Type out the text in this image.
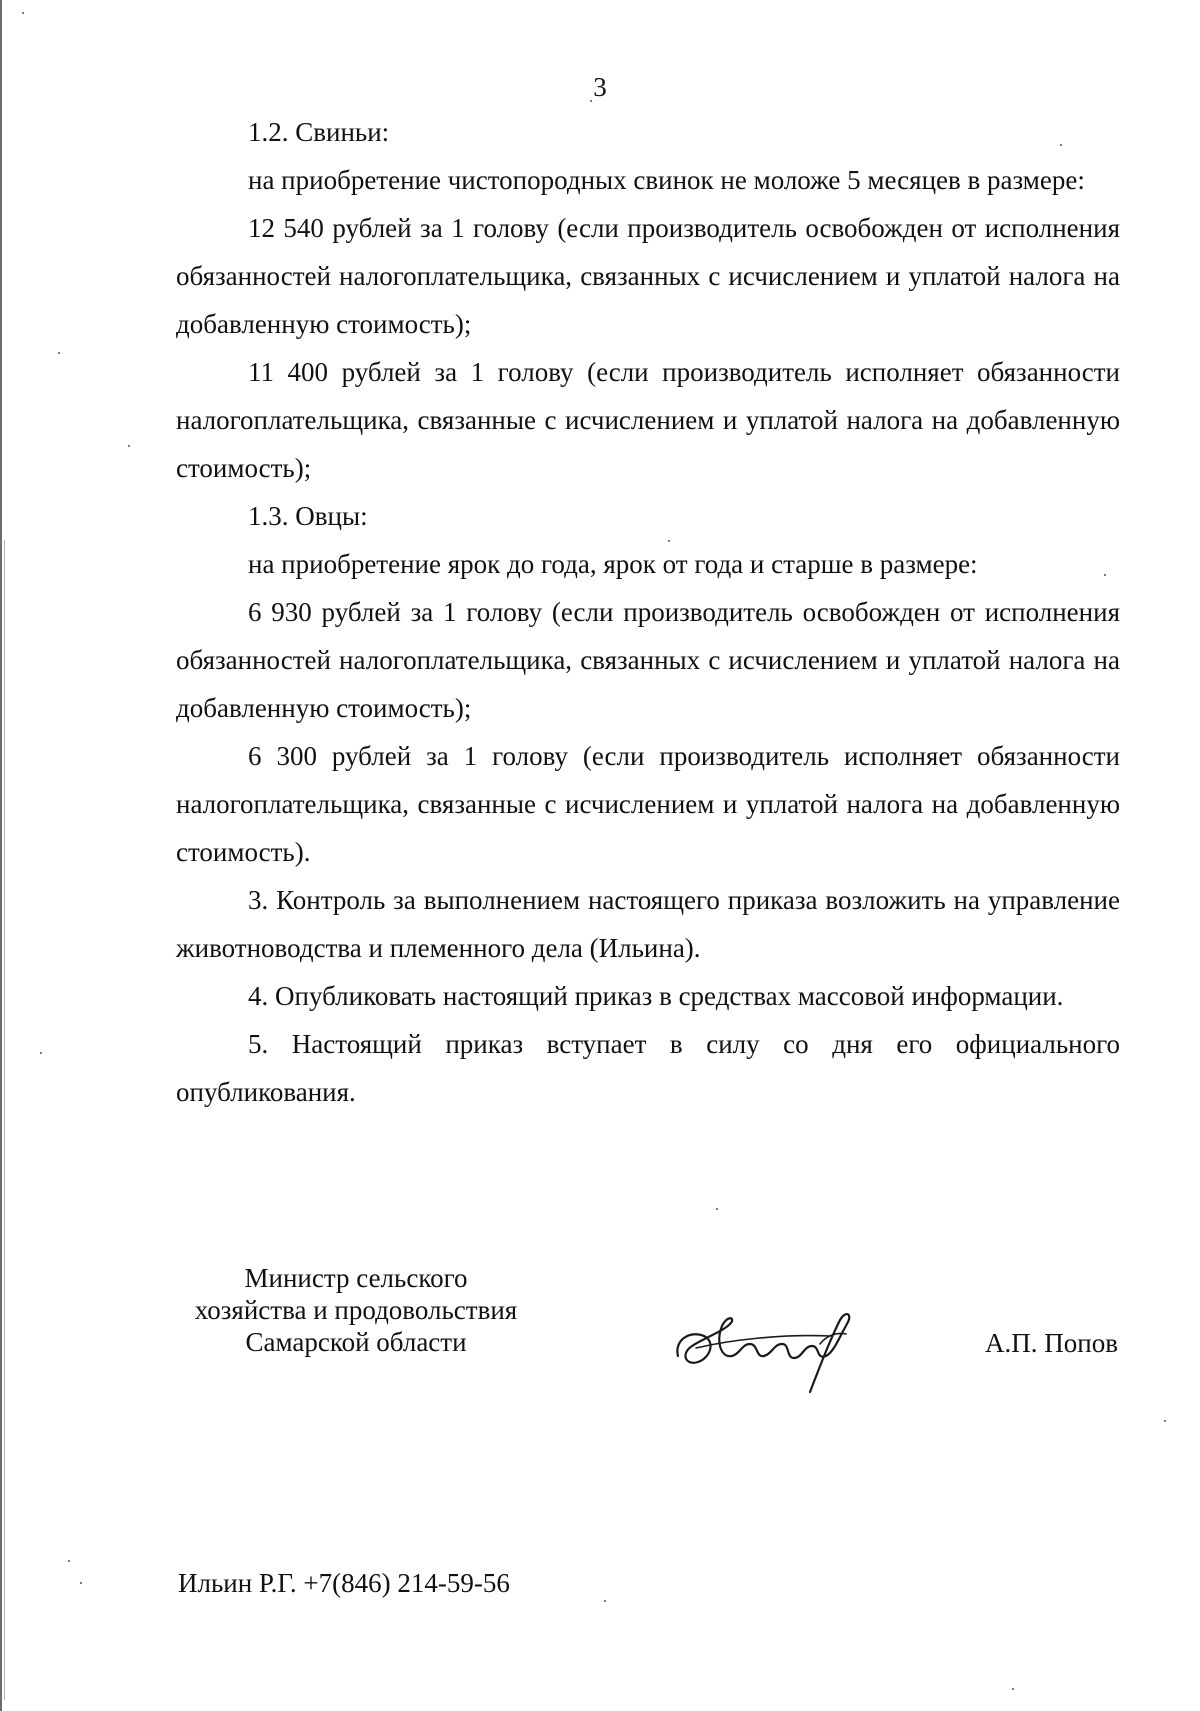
3

1.2. Свиньи:

на приобретение чистопородных свинок не моложе 5 месяцев в размере:

12 540 рублей за 1 голову (если производитель освобожден от исполнения обязанностей налогоплательщика, связанных с исчислением и уплатой налога на добавленную стоимость);

11 400 рублей за 1 голову (если производитель исполняет обязанности налогоплательщика, связанные с исчислением и уплатой налога на добавленную стоимость);

1.3. Овцы:

на приобретение ярок до года, ярок от года и старше в размере:

6 930 рублей за 1 голову (если производитель освобожден от исполнения обязанностей налогоплательщика, связанных с исчислением и уплатой налога на добавленную стоимость);

6 300 рублей за 1 голову (если производитель исполняет обязанности налогоплательщика, связанные с исчислением и уплатой налога на добавленную стоимость).

3. Контроль за выполнением настоящего приказа возложить на управление животноводства и племенного дела (Ильина).

4. Опубликовать настоящий приказ в средствах массовой информации.

5. Настоящий приказ вступает в силу со дня его официального опубликования.

Министр сельского
хозяйства и продовольствия
Самарской области	А.П. Попов
Ильин Р.Г. +7(846) 214-59-56
